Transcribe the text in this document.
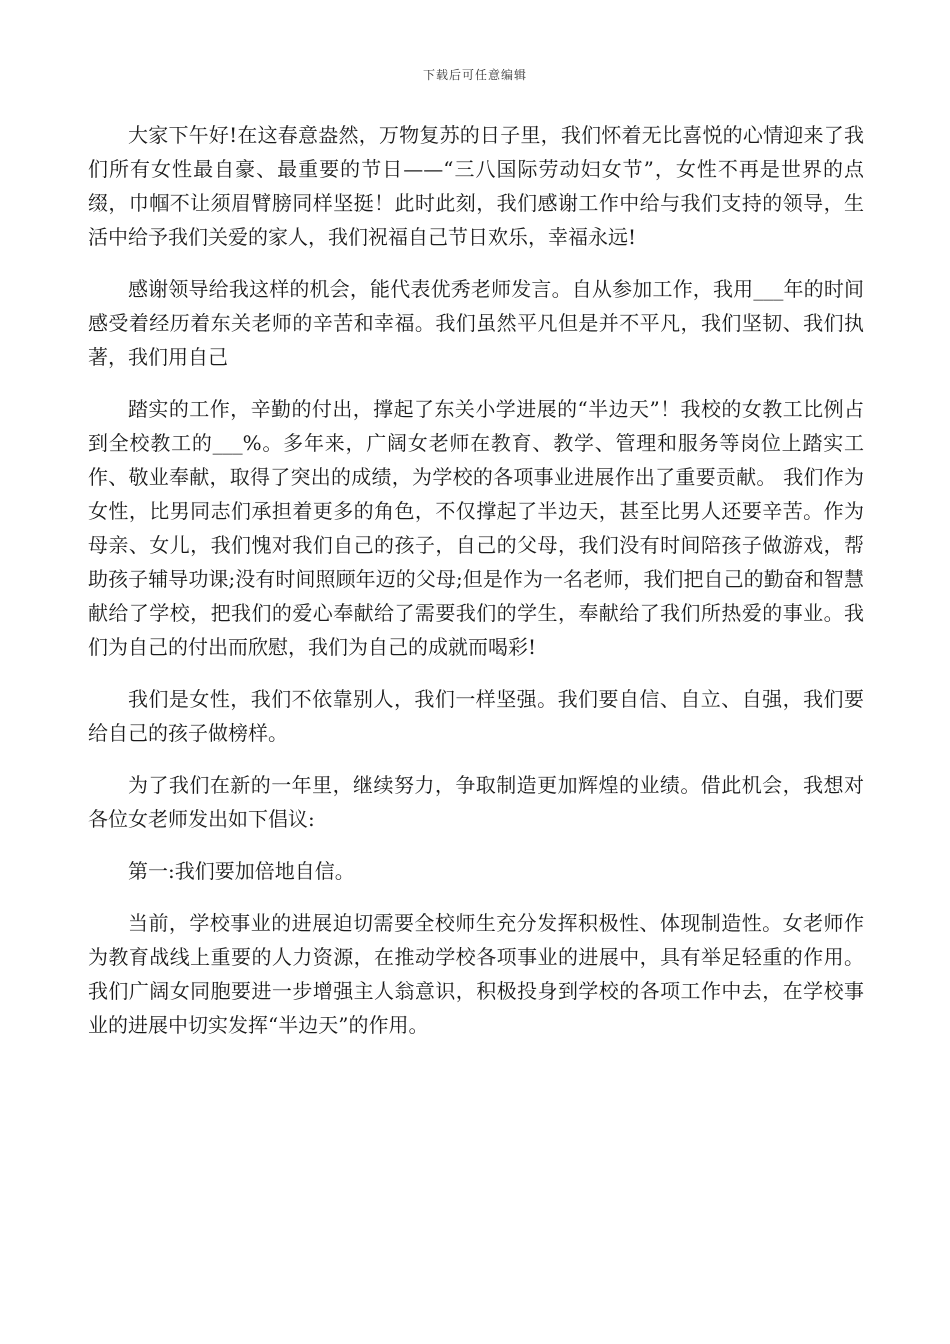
下载后可任意编辑

大家下午好!在这春意盎然，万物复苏的日子里，我们怀着无比喜悦的心情迎来了我们所有女性最自豪、最重要的节日——“三八国际劳动妇女节”，女性不再是世界的点缀，巾帼不让须眉臂膀同样坚挺！此时此刻，我们感谢工作中给与我们支持的领导，生活中给予我们关爱的家人，我们祝福自己节日欢乐，幸福永远!

感谢领导给我这样的机会，能代表优秀老师发言。自从参加工作，我用___年的时间感受着经历着东关老师的辛苦和幸福。我们虽然平凡但是并不平凡，我们坚韧、我们执著，我们用自己

踏实的工作，辛勤的付出，撑起了东关小学进展的“半边天”！我校的女教工比例占到全校教工的___%。多年来，广阔女老师在教育、教学、管理和服务等岗位上踏实工作、敬业奉献，取得了突出的成绩，为学校的各项事业进展作出了重要贡献。 我们作为女性，比男同志们承担着更多的角色，不仅撑起了半边天，甚至比男人还要辛苦。作为母亲、女儿，我们愧对我们自己的孩子，自己的父母，我们没有时间陪孩子做游戏，帮助孩子辅导功课;没有时间照顾年迈的父母;但是作为一名老师，我们把自己的勤奋和智慧献给了学校，把我们的爱心奉献给了需要我们的学生，奉献给了我们所热爱的事业。我们为自己的付出而欣慰，我们为自己的成就而喝彩!

我们是女性，我们不依靠别人，我们一样坚强。我们要自信、自立、自强，我们要给自己的孩子做榜样。

为了我们在新的一年里，继续努力，争取制造更加辉煌的业绩。借此机会，我想对各位女老师发出如下倡议:

第一:我们要加倍地自信。

当前，学校事业的进展迫切需要全校师生充分发挥积极性、体现制造性。女老师作为教育战线上重要的人力资源，在推动学校各项事业的进展中，具有举足轻重的作用。我们广阔女同胞要进一步增强主人翁意识，积极投身到学校的各项工作中去，在学校事业的进展中切实发挥“半边天”的作用。
